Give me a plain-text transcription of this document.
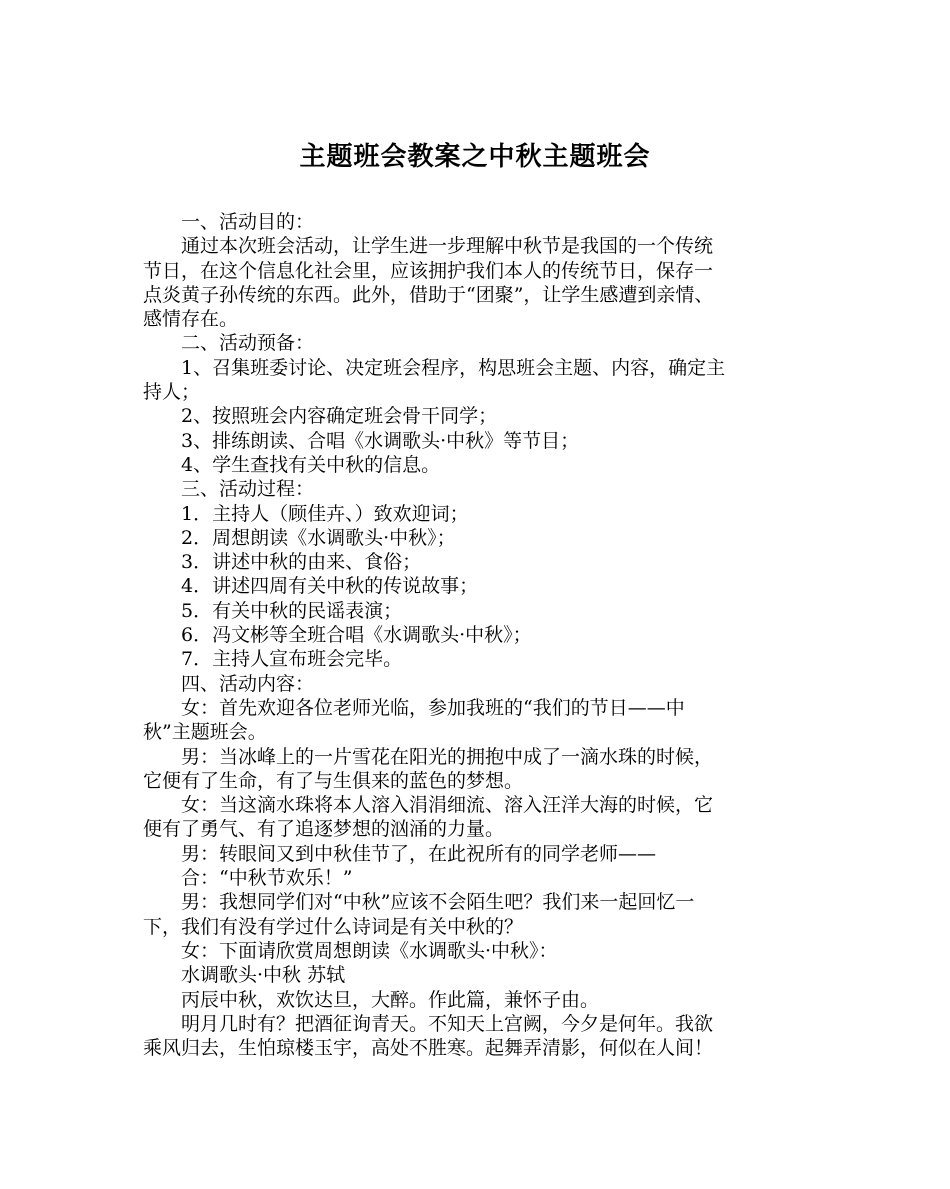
主题班会教案之中秋主题班会

一、活动目的：

通过本次班会活动，让学生进一步理解中秋节是我国的一个传统

节日，在这个信息化社会里，应该拥护我们本人的传统节日，保存一

点炎黄子孙传统的东西。此外，借助于“团聚”，让学生感遭到亲情、

感情存在。

二、活动预备：

1、召集班委讨论、决定班会程序，构思班会主题、内容，确定主

持人；

2、按照班会内容确定班会骨干同学；

3、排练朗读、合唱《水调歌头·中秋》等节目；

4、学生查找有关中秋的信息。

三、活动过程：

1．主持人（顾佳卉、）致欢迎词；

2．周想朗读《水调歌头·中秋》；

3．讲述中秋的由来、食俗；

4．讲述四周有关中秋的传说故事；

5．有关中秋的民谣表演；

6．冯文彬等全班合唱《水调歌头·中秋》；

7．主持人宣布班会完毕。

四、活动内容：

女：首先欢迎各位老师光临，参加我班的“我们的节日——中

秋”主题班会。

男：当冰峰上的一片雪花在阳光的拥抱中成了一滴水珠的时候，

它便有了生命，有了与生俱来的蓝色的梦想。

女：当这滴水珠将本人溶入涓涓细流、溶入汪洋大海的时候，它

便有了勇气、有了追逐梦想的汹涌的力量。

男：转眼间又到中秋佳节了，在此祝所有的同学老师——

合：“中秋节欢乐！”

男：我想同学们对“中秋”应该不会陌生吧？我们来一起回忆一

下，我们有没有学过什么诗词是有关中秋的？

女：下面请欣赏周想朗读《水调歌头·中秋》：

水调歌头·中秋 苏轼

丙辰中秋，欢饮达旦，大醉。作此篇，兼怀子由。

明月几时有？把酒征询青天。不知天上宫阙，今夕是何年。我欲

乘风归去，生怕琼楼玉宇，高处不胜寒。起舞弄清影，何似在人间！
